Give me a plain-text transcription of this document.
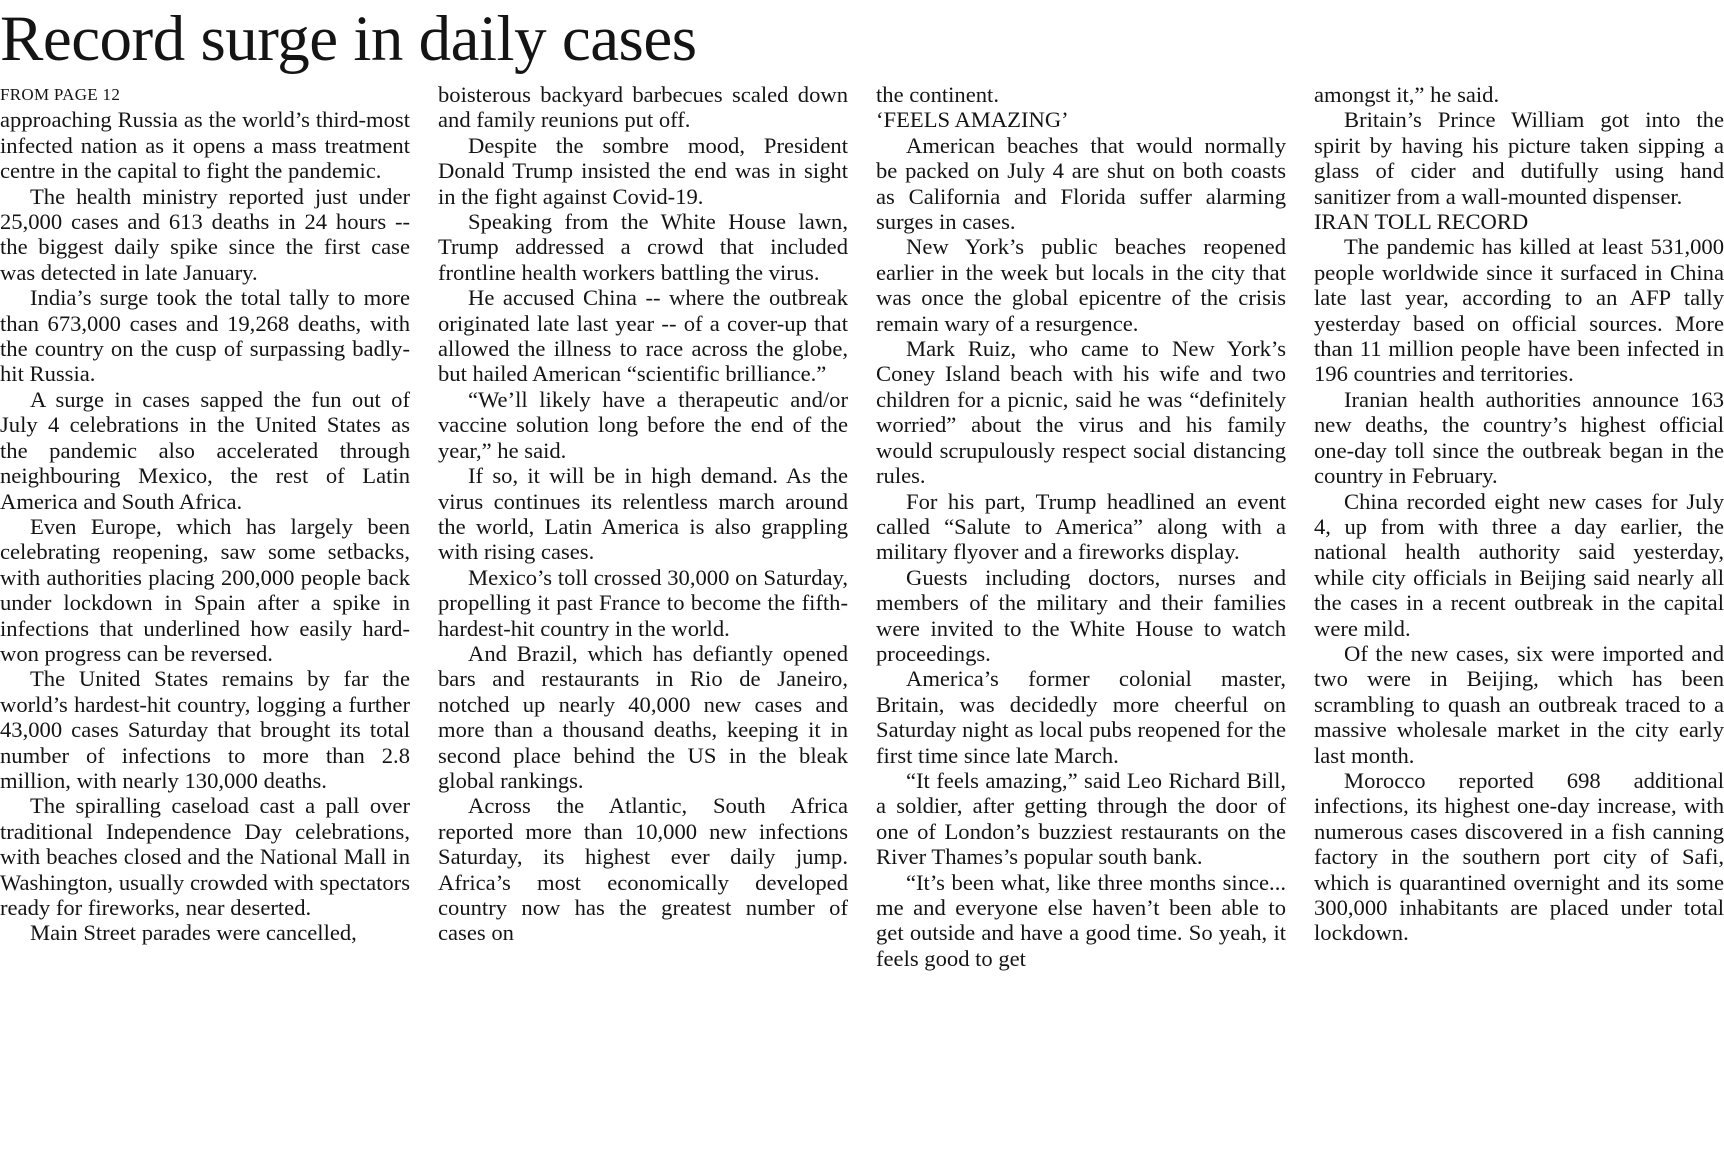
Record surge in daily cases

FROM PAGE 12

approaching Russia as the world’s third-most infected nation as it opens a mass treatment centre in the capital to fight the pandemic.

The health ministry reported just under 25,000 cases and 613 deaths in 24 hours -- the biggest daily spike since the first case was detected in late January.

India’s surge took the total tally to more than 673,000 cases and 19,268 deaths, with the country on the cusp of surpassing badly-hit Russia.

A surge in cases sapped the fun out of July 4 celebrations in the United States as the pandemic also accelerated through neighbouring Mexico, the rest of Latin America and South Africa.

Even Europe, which has largely been celebrating reopening, saw some setbacks, with authorities placing 200,000 people back under lockdown in Spain after a spike in infections that underlined how easily hard-won progress can be reversed.

The United States remains by far the world’s hardest-hit country, logging a further 43,000 cases Saturday that brought its total number of infections to more than 2.8 million, with nearly 130,000 deaths.

The spiralling caseload cast a pall over traditional Independence Day celebrations, with beaches closed and the National Mall in Washington, usually crowded with spectators ready for fireworks, near deserted.

Main Street parades were cancelled,

boisterous backyard barbecues scaled down and family reunions put off.

Despite the sombre mood, President Donald Trump insisted the end was in sight in the fight against Covid-19.

Speaking from the White House lawn, Trump addressed a crowd that included frontline health workers battling the virus.

He accused China -- where the outbreak originated late last year -- of a cover-up that allowed the illness to race across the globe, but hailed American “scientific brilliance.”

“We’ll likely have a therapeutic and/or vaccine solution long before the end of the year,” he said.

If so, it will be in high demand. As the virus continues its relentless march around the world, Latin America is also grappling with rising cases.

Mexico’s toll crossed 30,000 on Saturday, propelling it past France to become the fifth-hardest-hit country in the world.

And Brazil, which has defiantly opened bars and restaurants in Rio de Janeiro, notched up nearly 40,000 new cases and more than a thousand deaths, keeping it in second place behind the US in the bleak global rankings.

Across the Atlantic, South Africa reported more than 10,000 new infections Saturday, its highest ever daily jump. Africa’s most economically developed country now has the greatest number of cases on

the continent.

‘FEELS AMAZING’

American beaches that would normally be packed on July 4 are shut on both coasts as California and Florida suffer alarming surges in cases.

New York’s public beaches reopened earlier in the week but locals in the city that was once the global epicentre of the crisis remain wary of a resurgence.

Mark Ruiz, who came to New York’s Coney Island beach with his wife and two children for a picnic, said he was “definitely worried” about the virus and his family would scrupulously respect social distancing rules.

For his part, Trump headlined an event called “Salute to America” along with a military flyover and a fireworks display.

Guests including doctors, nurses and members of the military and their families were invited to the White House to watch proceedings.

America’s former colonial master, Britain, was decidedly more cheerful on Saturday night as local pubs reopened for the first time since late March.

“It feels amazing,” said Leo Richard Bill, a soldier, after getting through the door of one of London’s buzziest restaurants on the River Thames’s popular south bank.

“It’s been what, like three months since... me and everyone else haven’t been able to get outside and have a good time. So yeah, it feels good to get

amongst it,” he said.

Britain’s Prince William got into the spirit by having his picture taken sipping a glass of cider and dutifully using hand sanitizer from a wall-mounted dispenser.

IRAN TOLL RECORD

The pandemic has killed at least 531,000 people worldwide since it surfaced in China late last year, according to an AFP tally yesterday based on official sources. More than 11 million people have been infected in 196 countries and territories.

Iranian health authorities announce 163 new deaths, the country’s highest official one-day toll since the outbreak began in the country in February.

China recorded eight new cases for July 4, up from with three a day earlier, the national health authority said yesterday, while city officials in Beijing said nearly all the cases in a recent outbreak in the capital were mild.

Of the new cases, six were imported and two were in Beijing, which has been scrambling to quash an outbreak traced to a massive wholesale market in the city early last month.

Morocco reported 698 additional infections, its highest one-day increase, with numerous cases discovered in a fish canning factory in the southern port city of Safi, which is quarantined overnight and its some 300,000 inhabitants are placed under total lockdown.
